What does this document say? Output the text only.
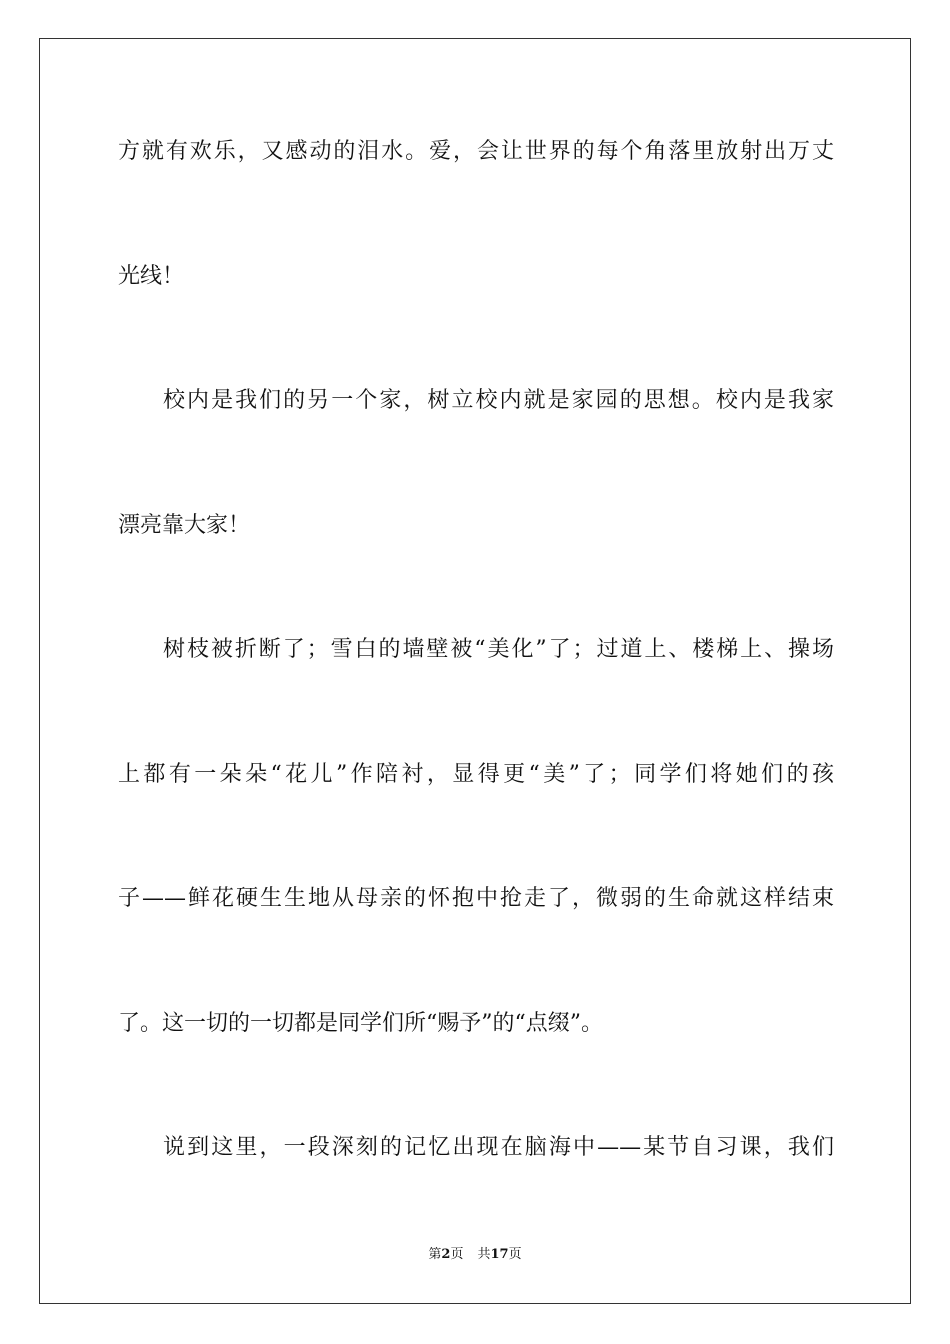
方就有欢乐，又感动的泪水。爱，会让世界的每个角落里放射出万丈
光线！
校内是我们的另一个家，树立校内就是家园的思想。校内是我家
漂亮靠大家！
树枝被折断了；雪白的墙壁被“美化”了；过道上、楼梯上、操场
上都有一朵朵“花儿”作陪衬，显得更“美”了；同学们将她们的孩
子——鲜花硬生生地从母亲的怀抱中抢走了，微弱的生命就这样结束
了。这一切的一切都是同学们所“赐予”的“点缀”。
说到这里，一段深刻的记忆出现在脑海中——某节自习课，我们
第2页 共17页
